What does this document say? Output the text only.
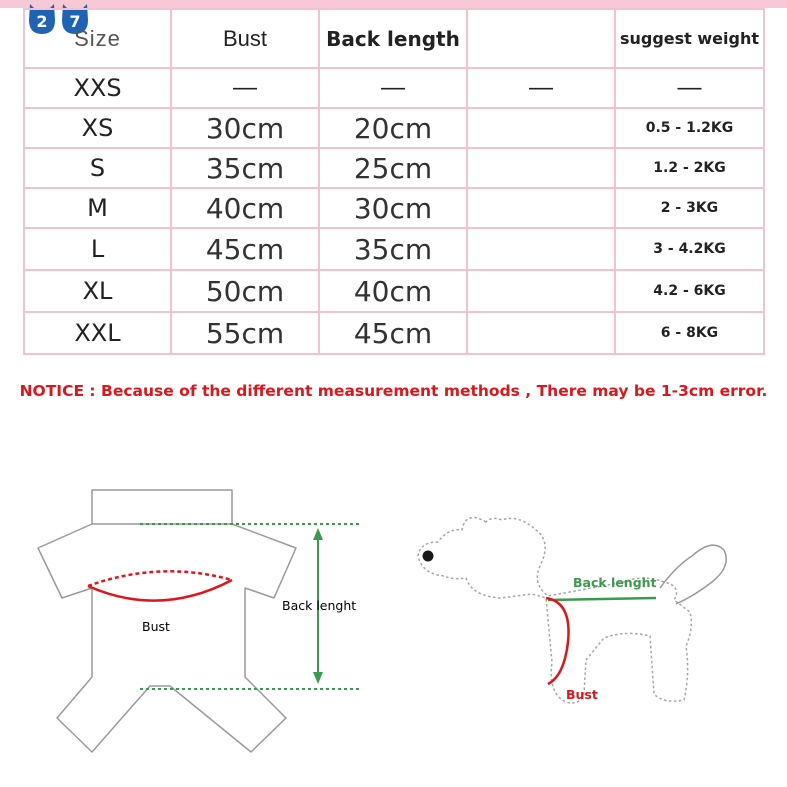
2	7
Size	Bust	Back length		suggest weight
XXS	—	—	—	—
XS	30cm	20cm		0.5 - 1.2KG
S	35cm	25cm		1.2 - 2KG
M	40cm	30cm		2 - 3KG
L	45cm	35cm		3 - 4.2KG
XL	50cm	40cm		4.2 - 6KG
XXL	55cm	45cm		6 - 8KG
NOTICE : Because of the different measurement methods , There may be 1-3cm error.
Bust
Back lenght
Back lenght
Bust
